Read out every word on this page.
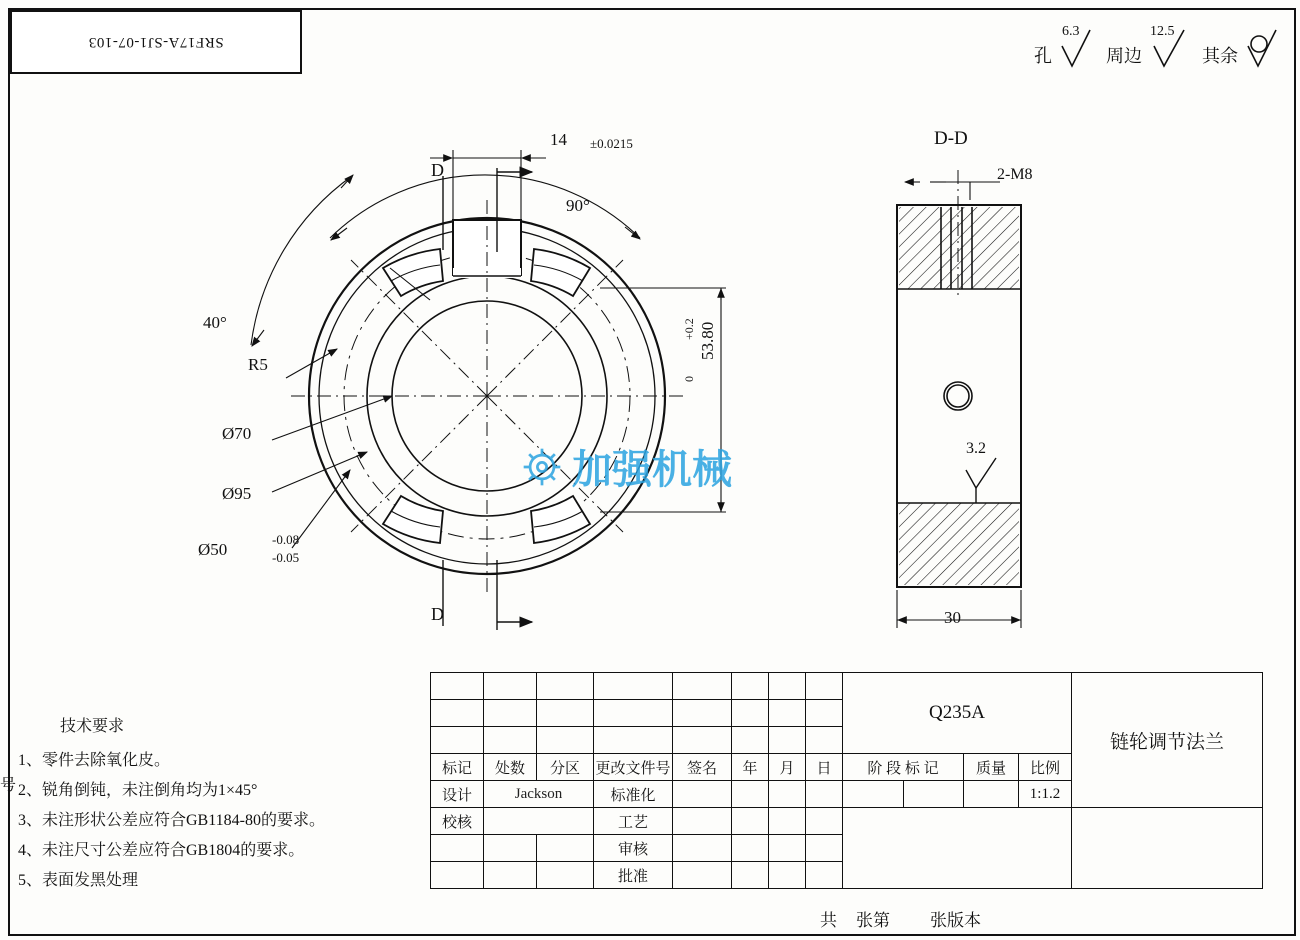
SRF17A-SJ1-07-103
孔
6.3
周边
12.5
其余
14 ±0.0215
90°
40°
R5
Ø70
Ø95
Ø50
-0.08
-0.05
53.80
+0.2
0
D
D
D-D
2-M8
3.2
30
加强机械
技术要求
1、零件去除氧化皮。
2、锐角倒钝，未注倒角均为1×45°
3、未注形状公差应符合GB1184-80的要求。
4、未注尺寸公差应符合GB1804的要求。
5、表面发黑处理
号
								Q235A				链轮调节法兰

标记	处数	分区	更改文件号	签名	年	月	日	阶 段 标 记		质量	比例	
设计	Jackson		标准化								1:1.2	
校核			工艺									
			审核									
			批准									
共 张第 张版本
